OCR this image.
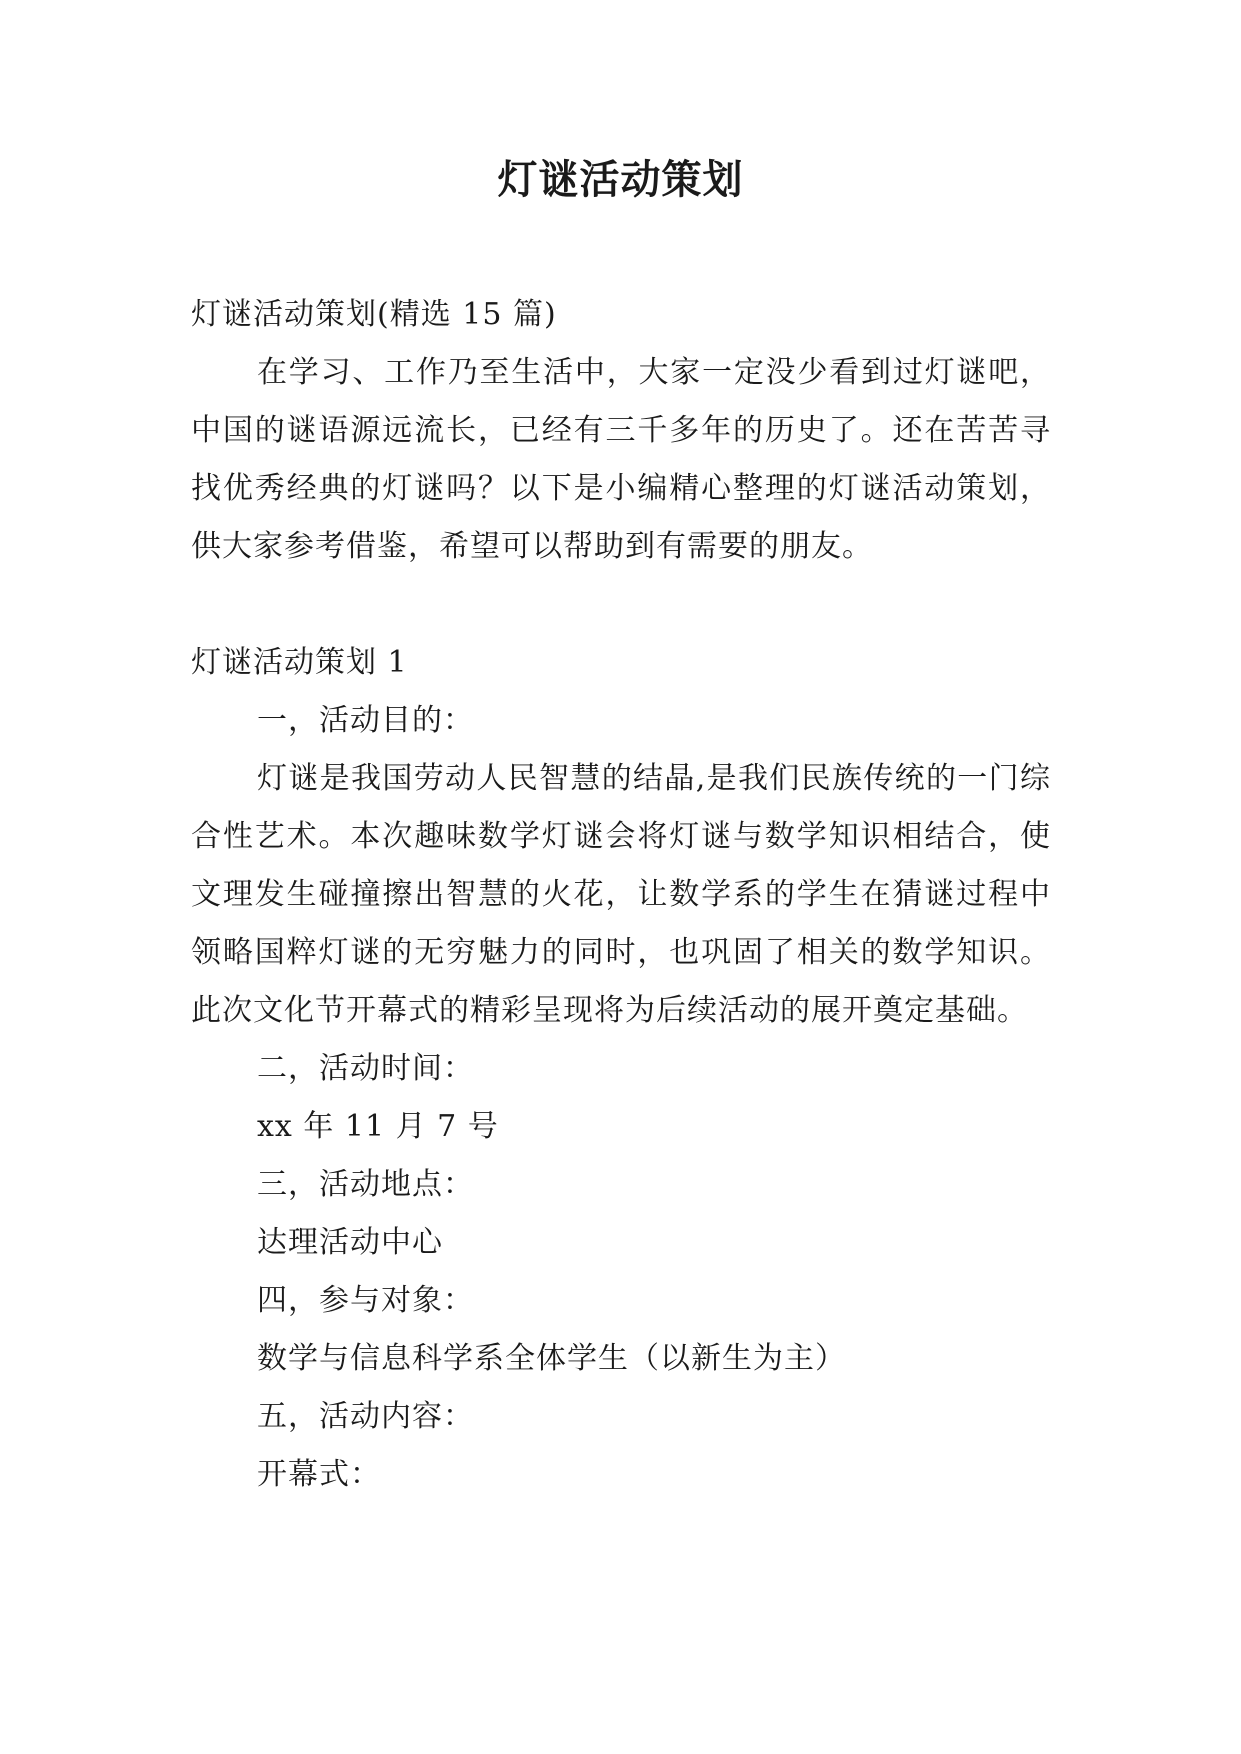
灯谜活动策划

灯谜活动策划(精选 15 篇)

在学习、工作乃至生活中，大家一定没少看到过灯谜吧，中国的谜语源远流长，已经有三千多年的历史了。还在苦苦寻找优秀经典的灯谜吗？以下是小编精心整理的灯谜活动策划，供大家参考借鉴，希望可以帮助到有需要的朋友。

灯谜活动策划 1

一，活动目的：

灯谜是我国劳动人民智慧的结晶,是我们民族传统的一门综合性艺术。本次趣味数学灯谜会将灯谜与数学知识相结合，使文理发生碰撞擦出智慧的火花，让数学系的学生在猜谜过程中领略国粹灯谜的无穷魅力的同时，也巩固了相关的数学知识。此次文化节开幕式的精彩呈现将为后续活动的展开奠定基础。

二，活动时间：

xx 年 11 月 7 号

三，活动地点：

达理活动中心

四，参与对象：

数学与信息科学系全体学生（以新生为主）

五，活动内容：

开幕式：
